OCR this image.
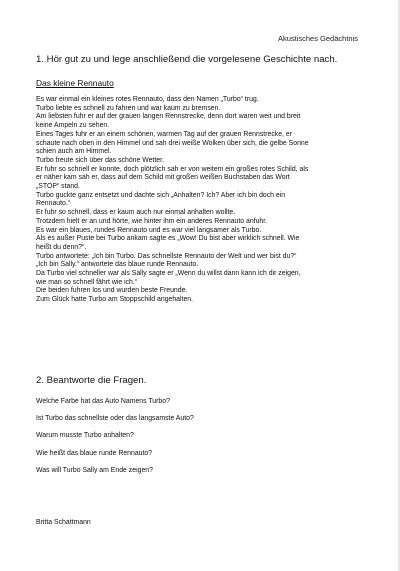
Akustisches Gedächtnis
1. Hör gut zu und lege anschließend die vorgelesene Geschichte nach.
Das kleine Rennauto
Es war einmal ein kleines rotes Rennauto, dass den Namen „Turbo“ trug.
Turbo liebte es schnell zu fahren und war kaum zu bremsen.
Am liebsten fuhr er auf der grauen langen Rennstrecke, denn dort waren weit und breit
keine Ampeln zu sehen.
Eines Tages fuhr er an einem schönen, warmen Tag auf der grauen Rennstrecke, er
schaute nach oben in den Himmel und sah drei weiße Wolken über sich, die gelbe Sonne
schien auch am Himmel.
Turbo freute sich über das schöne Wetter.
Er fuhr so schnell er konnte, doch plötzlich sah er von weitem ein großes rotes Schild, als
er näher kam sah er, dass auf dem Schild mit großen weißen Buchstaben das Wort
„STOP“ stand.
Turbo guckte ganz entsetzt und dachte sich „Anhalten? Ich? Aber ich bin doch ein
Rennauto.“
Er fuhr so schnell, dass er kaum auch nur einmal anhalten wollte.
Trotzdem hielt er an und hörte, wie hinter ihm ein anderes Rennauto anfuhr.
Es war ein blaues, rundes Rennauto und es war viel langsamer als Turbo.
Als es außer Puste bei Turbo ankam sagte es „Wow! Du bist aber wirklich schnell. Wie
heißt du denn?“.
Turbo antwortete: „Ich bin Turbo. Das schnellste Rennauto der Welt und wer bist du?“
„Ich bin Sally.“ antwortete das blaue runde Rennauto.
Da Turbo viel schneller war als Sally sagte er „Wenn du willst dann kann ich dir zeigen,
wie man so schnell fährt wie ich.“
Die beiden fuhren los und wurden beste Freunde.
Zum Glück hatte Turbo am Stoppschild angehalten.
2. Beantworte die Fragen.
Welche Farbe hat das Auto Namens Turbo?
Ist Turbo das schnellste oder das langsamste Auto?
Warum musste Turbo anhalten?
Wie heißt das blaue runde Rennauto?
Was will Turbo Sally am Ende zeigen?
Britta Schattmann
